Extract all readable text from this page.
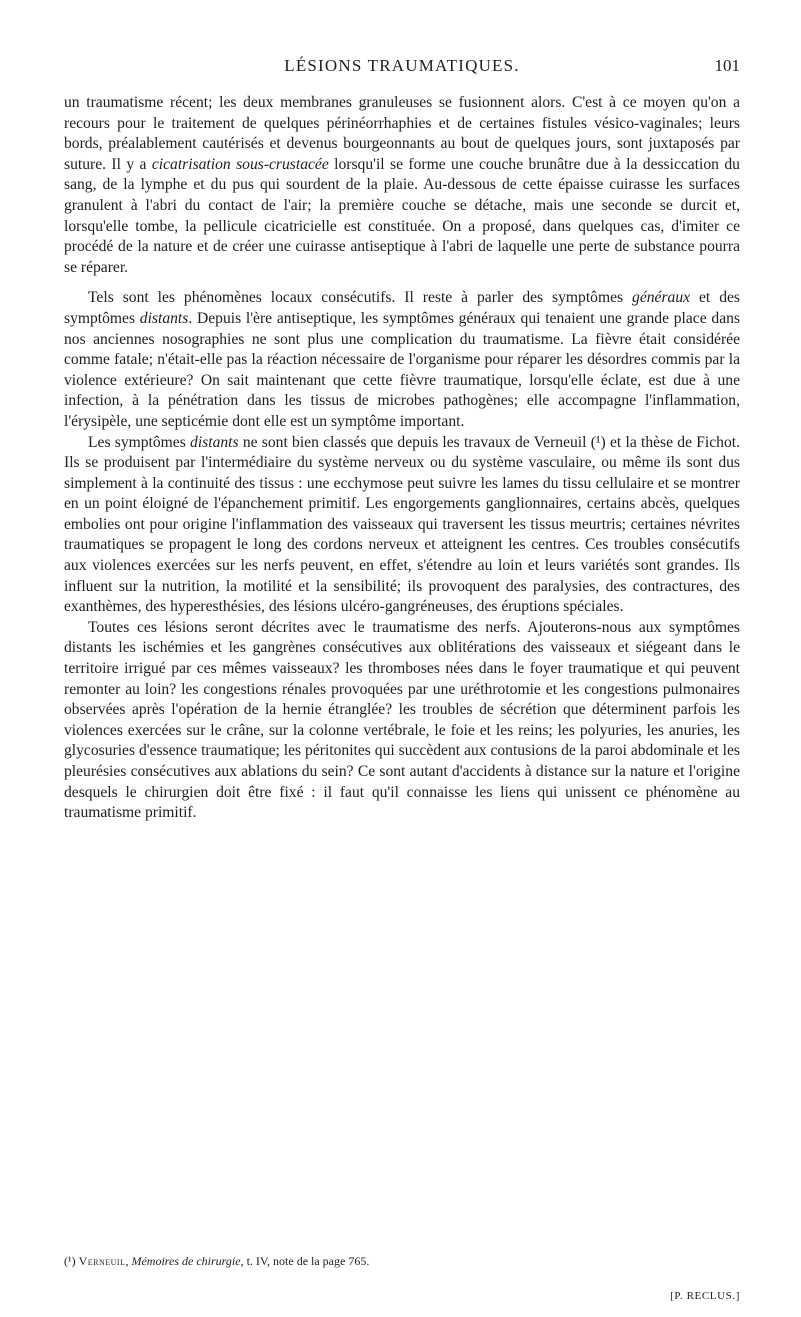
LÉSIONS TRAUMATIQUES.	101

un traumatisme récent; les deux membranes granuleuses se fusionnent alors. C'est à ce moyen qu'on a recours pour le traitement de quelques périnéorrhaphies et de certaines fistules vésico-vaginales; leurs bords, préalablement cautérisés et devenus bourgeonnants au bout de quelques jours, sont juxtaposés par suture. Il y a cicatrisation sous-crustacée lorsqu'il se forme une couche brunâtre due à la dessiccation du sang, de la lymphe et du pus qui sourdent de la plaie. Au-dessous de cette épaisse cuirasse les surfaces granulent à l'abri du contact de l'air; la première couche se détache, mais une seconde se durcit et, lorsqu'elle tombe, la pellicule cicatricielle est constituée. On a proposé, dans quelques cas, d'imiter ce procédé de la nature et de créer une cuirasse antiseptique à l'abri de laquelle une perte de substance pourra se réparer.

Tels sont les phénomènes locaux consécutifs. Il reste à parler des symptômes généraux et des symptômes distants. Depuis l'ère antiseptique, les symptômes généraux qui tenaient une grande place dans nos anciennes nosographies ne sont plus une complication du traumatisme. La fièvre était considérée comme fatale; n'était-elle pas la réaction nécessaire de l'organisme pour réparer les désordres commis par la violence extérieure? On sait maintenant que cette fièvre traumatique, lorsqu'elle éclate, est due à une infection, à la pénétration dans les tissus de microbes pathogènes; elle accompagne l'inflammation, l'érysipèle, une septicémie dont elle est un symptôme important.

Les symptômes distants ne sont bien classés que depuis les travaux de Verneuil (¹) et la thèse de Fichot. Ils se produisent par l'intermédiaire du système nerveux ou du système vasculaire, ou même ils sont dus simplement à la continuité des tissus : une ecchymose peut suivre les lames du tissu cellulaire et se montrer en un point éloigné de l'épanchement primitif. Les engorgements ganglionnaires, certains abcès, quelques embolies ont pour origine l'inflammation des vaisseaux qui traversent les tissus meurtris; certaines névrites traumatiques se propagent le long des cordons nerveux et atteignent les centres. Ces troubles consécutifs aux violences exercées sur les nerfs peuvent, en effet, s'étendre au loin et leurs variétés sont grandes. Ils influent sur la nutrition, la motilité et la sensibilité; ils provoquent des paralysies, des contractures, des exanthèmes, des hyperesthésies, des lésions ulcéro-gangréneuses, des éruptions spéciales.

Toutes ces lésions seront décrites avec le traumatisme des nerfs. Ajouterons-nous aux symptômes distants les ischémies et les gangrènes consécutives aux oblitérations des vaisseaux et siégeant dans le territoire irrigué par ces mêmes vaisseaux? les thromboses nées dans le foyer traumatique et qui peuvent remonter au loin? les congestions rénales provoquées par une uréthrotomie et les congestions pulmonaires observées après l'opération de la hernie étranglée? les troubles de sécrétion que déterminent parfois les violences exercées sur le crâne, sur la colonne vertébrale, le foie et les reins; les polyuries, les anuries, les glycosuries d'essence traumatique; les péritonites qui succèdent aux contusions de la paroi abdominale et les pleurésies consécutives aux ablations du sein? Ce sont autant d'accidents à distance sur la nature et l'origine desquels le chirurgien doit être fixé : il faut qu'il connaisse les liens qui unissent ce phénomène au traumatisme primitif.

(¹) Verneuil, Mémoires de chirurgie, t. IV, note de la page 765.
[P. RECLUS.]
